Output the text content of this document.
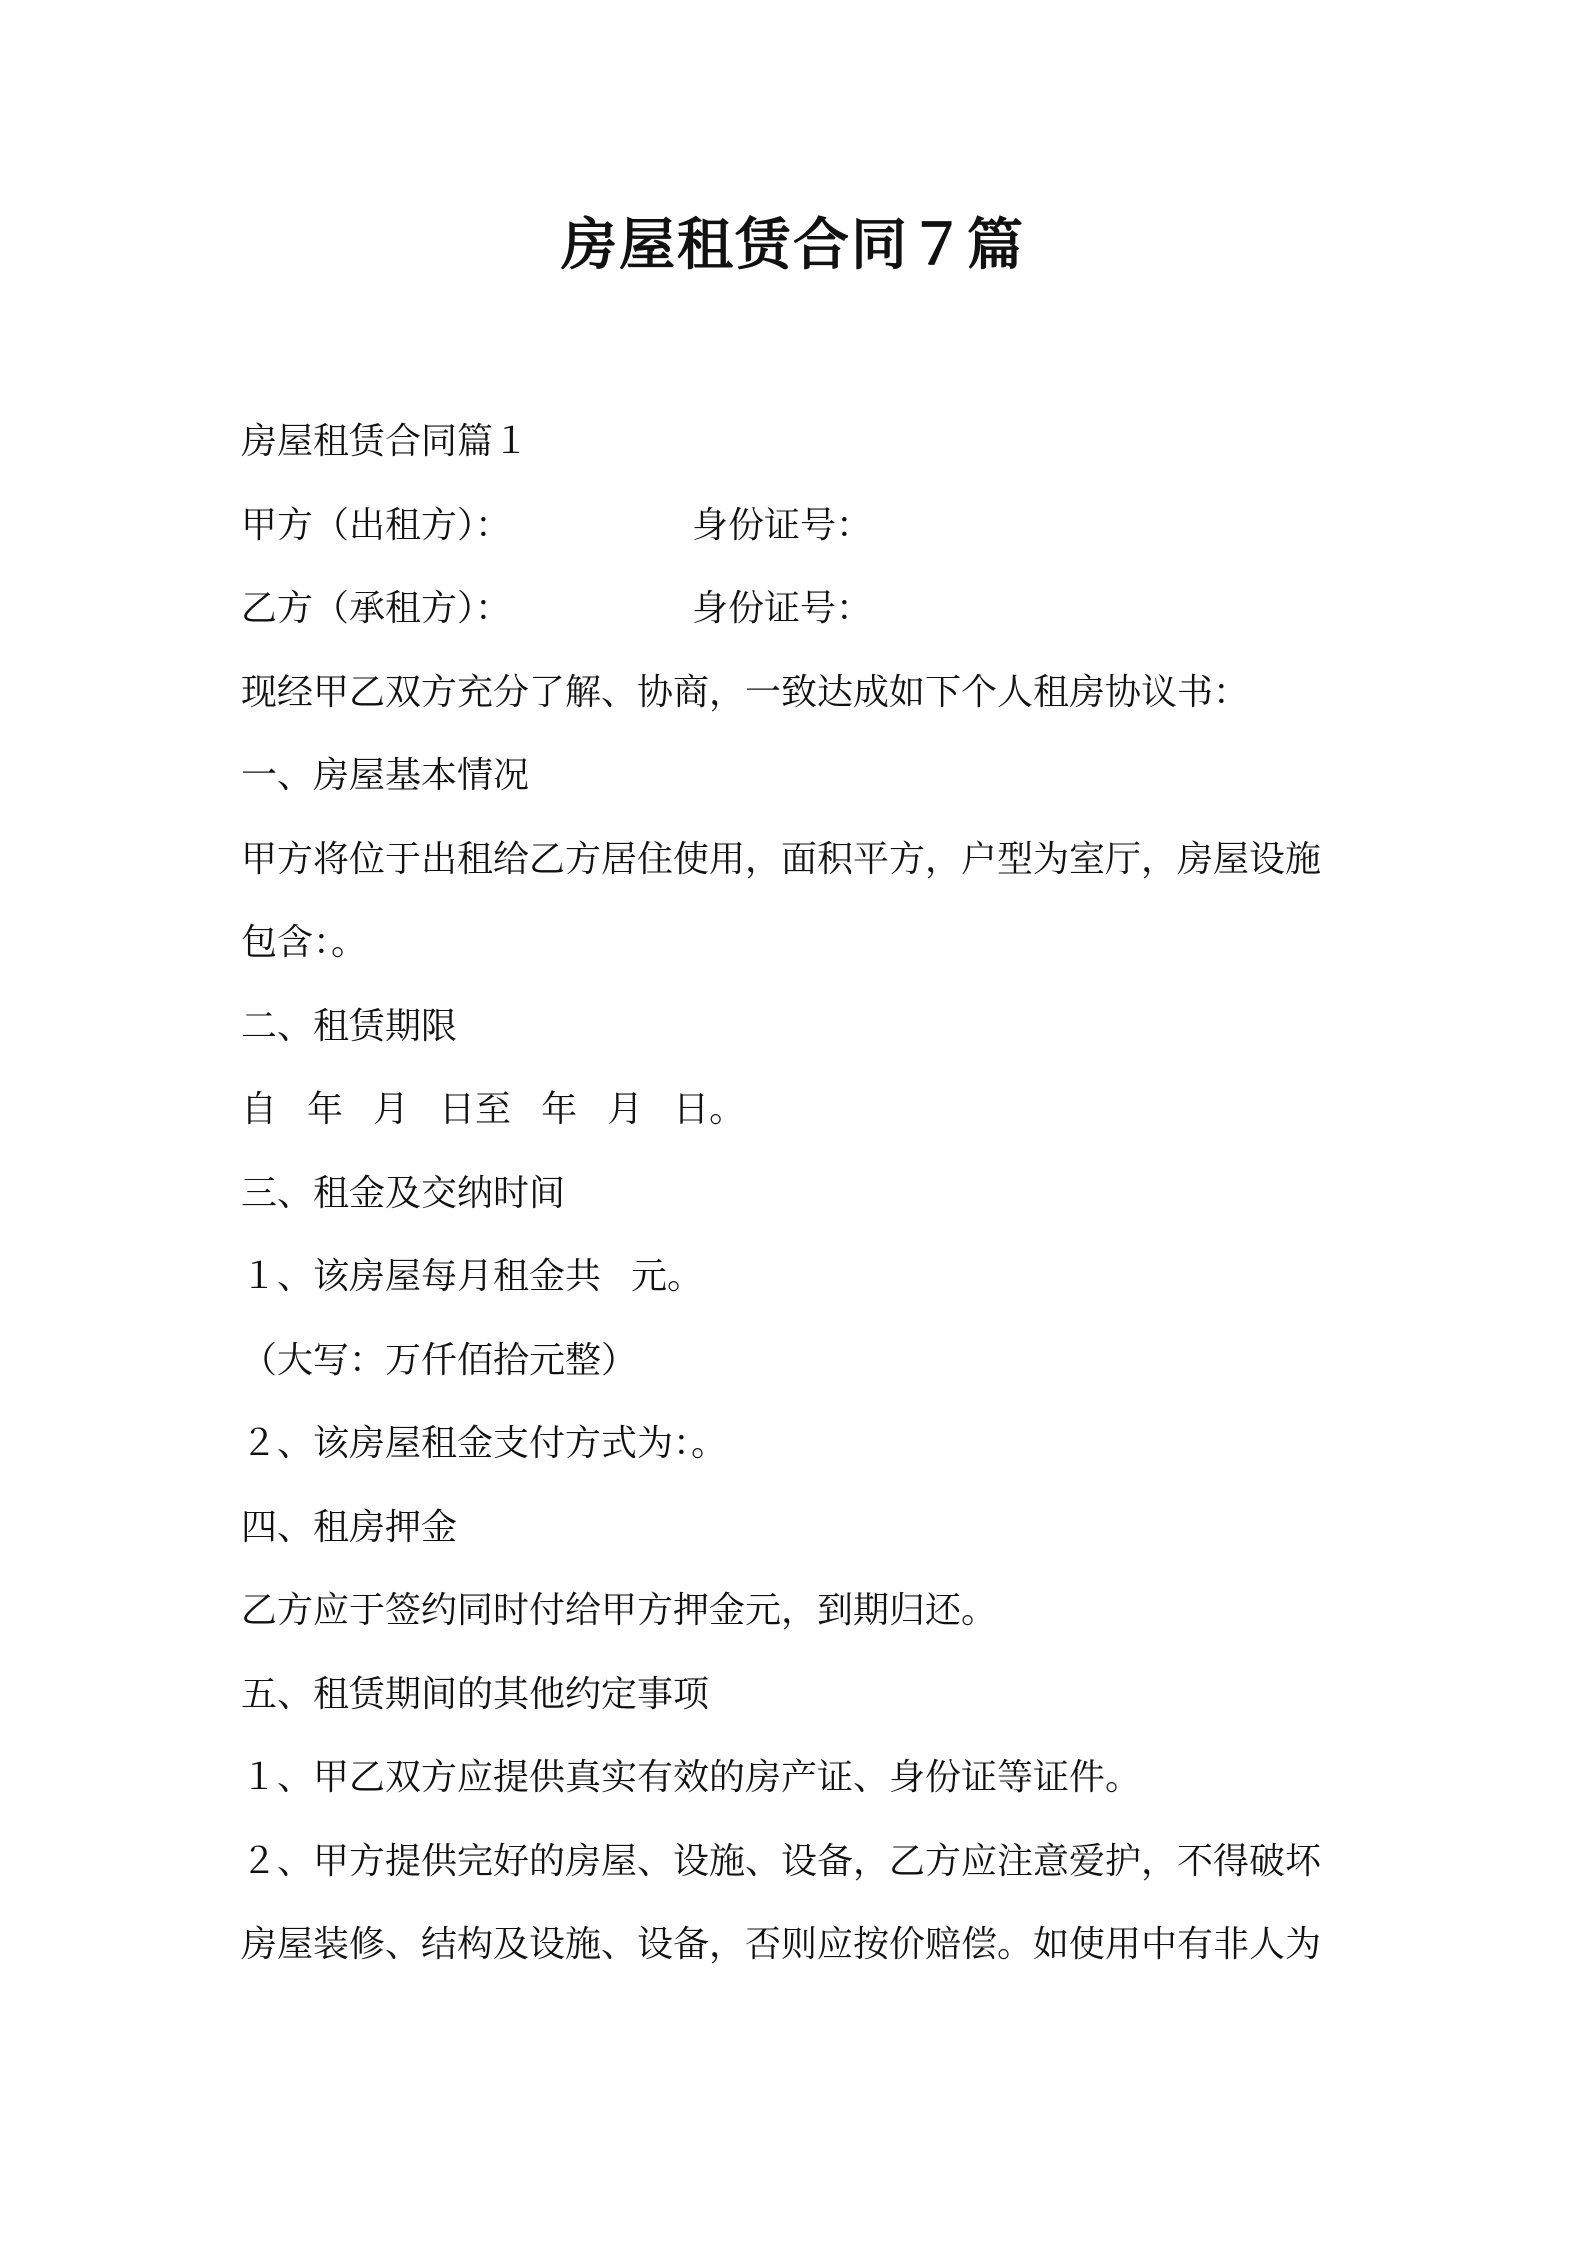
房屋租赁合同７篇
房屋租赁合同篇１
甲方（出租方）：	身份证号：
乙方（承租方）：	身份证号：
现经甲乙双方充分了解、协商，一致达成如下个人租房协议书：
一、房屋基本情况
甲方将位于出租给乙方居住使用，面积平方，户型为室厅，房屋设施
包含：。
二、租赁期限
自 年 月 日至 年 月 日。
三、租金及交纳时间
１、该房屋每月租金共 元。
（大写：万仟佰拾元整）
２、该房屋租金支付方式为：。
四、租房押金
乙方应于签约同时付给甲方押金元，到期归还。
五、租赁期间的其他约定事项
１、甲乙双方应提供真实有效的房产证、身份证等证件。
２、甲方提供完好的房屋、设施、设备，乙方应注意爱护，不得破坏
房屋装修、结构及设施、设备，否则应按价赔偿。如使用中有非人为
